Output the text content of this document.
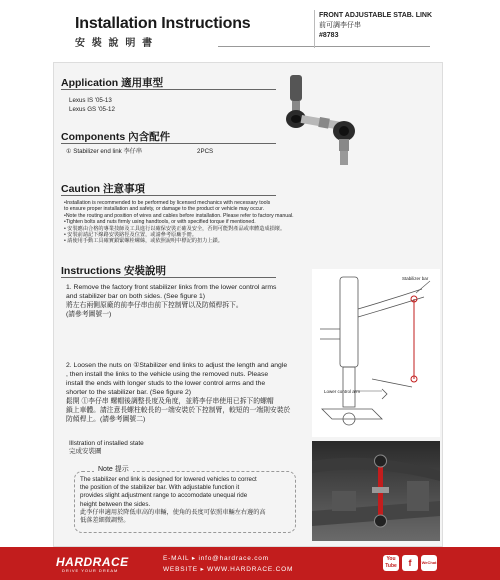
Installation Instructions
安 裝 說 明 書
FRONT ADJUSTABLE STAB. LINK
前可調李仔串
#8783
Application 適用車型
Lexus IS '05-13
Lexus GS '05-12
Components 內含配件
① Stabilizer end link 李仔串	2PCS
Caution 注意事項
•Installation is recommended to be performed by licensed mechanics with necessary tools
to ensure proper installation and safety, or damage to the product or vehicle may occur.
•Note the routing and position of wires and cables before installation. Please refer to factory manual.
•Tighten bolts and nuts firmly using handtools, or with specified torque if mentioned.
• 安裝應由合格的專業技師及工具進行以確保安裝正確及安全，否則可能對產品或車體造成損壞。
• 安裝前請記下線路安裝路徑及位置，或請參考原廠手冊。
• 請使用手動工具確實鎖緊螺栓螺絲，或依照說明中標記的扭力上鎖。
Instructions 安裝說明
1. Remove the factory front stabilizer links from the lower control arms
and stabilizer bar on both sides. (See figure 1)
將左右兩側原廠的前李仔串由前下控制臂以及防傾桿拆下。
(請參考圖號一)
2. Loosen the nuts on ①Stabilizer end links to adjust the length and angle
, then install the links to the vehicle using the removed nuts. Please
install the ends with longer studs to the lower control arms and the
shorter to the stabilizer bar. (See figure 2)
鬆開 ①李仔串 螺帽後調整長度及角度，並將李仔串使用已拆下的螺帽
鎖上車體。請注意長螺柱較長的一端安裝於下控制臂，較短的一端則安裝於
防傾桿上。(請參考圖號二)
Illstration of installed state
完成安裝圖
Stabilizer bar
Lower control arm
Note 提示
The stabilizer end link is designed for lowered vehicles to correct
the position of the stabilizer bar. With adjustable function it
provides slight adjustment range to accomodate unequal ride
height between the sides.
此李仔串適用於降低車高的車輛，使角的長度可依照車輛左右邊的高
低落差細微調整。
HARDRACE
DRIVE YOUR DREAM
E-MAIL ▸ info@hardrace.com
WEBSITE ▸ WWW.HARDRACE.COM
You Tube	f	WeChat
